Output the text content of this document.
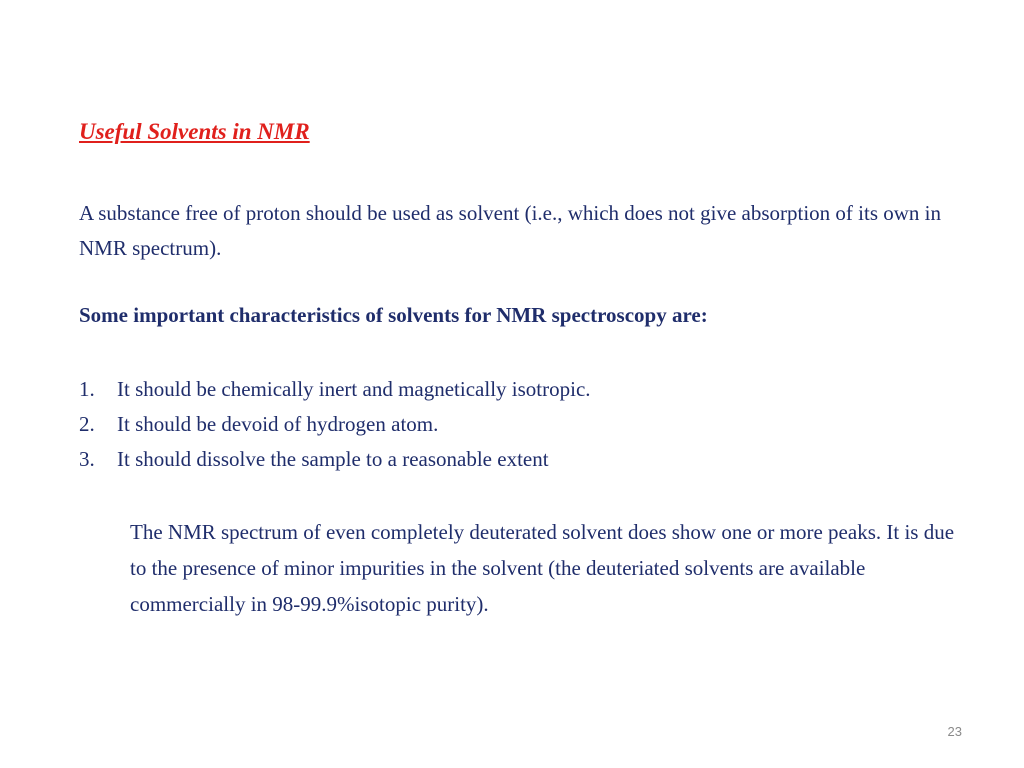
Useful Solvents in NMR

A substance free of proton should be used as solvent (i.e., which does not give absorption of its own in NMR spectrum).

Some important characteristics of solvents for NMR spectroscopy are:

1.	It should be chemically inert and magnetically isotropic.
2.	It should be devoid of hydrogen atom.
3.	It should dissolve the sample to a reasonable extent

The NMR spectrum of even completely deuterated solvent does show one or more peaks. It is due to the presence of minor impurities in the solvent (the deuteriated solvents are available commercially in 98-99.9%isotopic purity).

23
